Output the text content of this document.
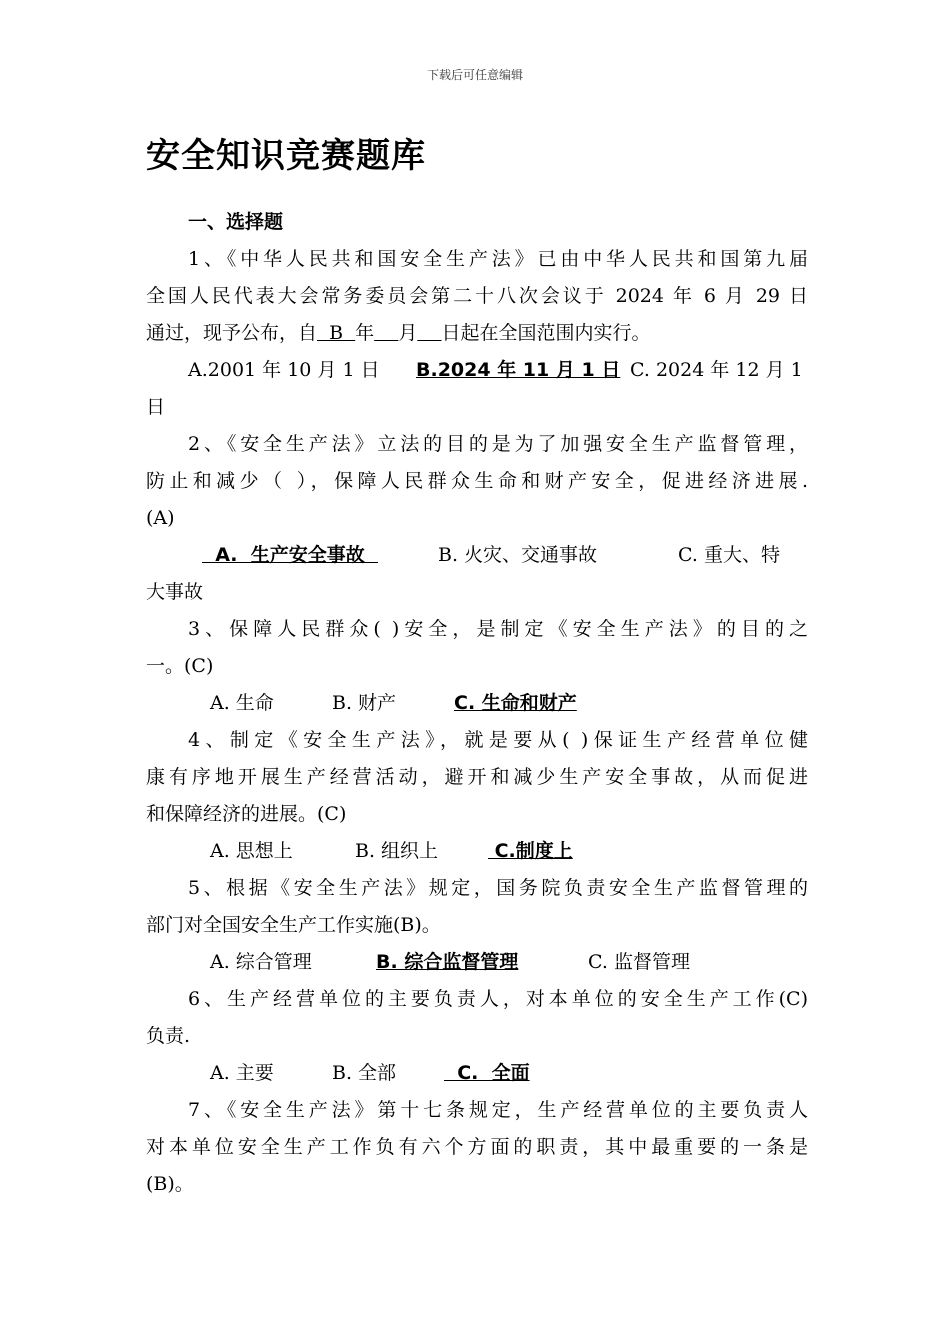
下载后可任意编辑
安全知识竞赛题库
一、选择题
1、《中华人民共和国安全生产法》已由中华人民共和国第九届
全国人民代表大会常务委员会第二十八次会议于 2024 年 6 月 29 日
通过，现予公布，自  B  年 月 日起在全国范围内实行。
A.2001 年 10 月 1 日 B.2024 年 11 月 1 日 C. 2024 年 12 月 1
日
2、《安全生产法》立法的目的是为了加强安全生产监督管理，
防止和减少（ ），保障人民群众生命和财产安全，促进经济进展.
(A)
A.  生产安全事故	B. 火灾、交通事故	C. 重大、特
大事故
3、保障人民群众( )安全，是制定《安全生产法》的目的之
一。(C)
A. 生命	B. 财产	C. 生命和财产
4、制定《安全生产法》，就是要从( )保证生产经营单位健
康有序地开展生产经营活动，避开和减少生产安全事故，从而促进
和保障经济的进展。(C)
A. 思想上	B. 组织上	C.制度上
5、根据《安全生产法》规定，国务院负责安全生产监督管理的
部门对全国安全生产工作实施(B)。
A. 综合管理	B. 综合监督管理	C. 监督管理
6、生产经营单位的主要负责人，对本单位的安全生产工作(C)
负责.
A. 主要	B. 全部	C.  全面
7、《安全生产法》第十七条规定，生产经营单位的主要负责人
对本单位安全生产工作负有六个方面的职责，其中最重要的一条是
(B)。
